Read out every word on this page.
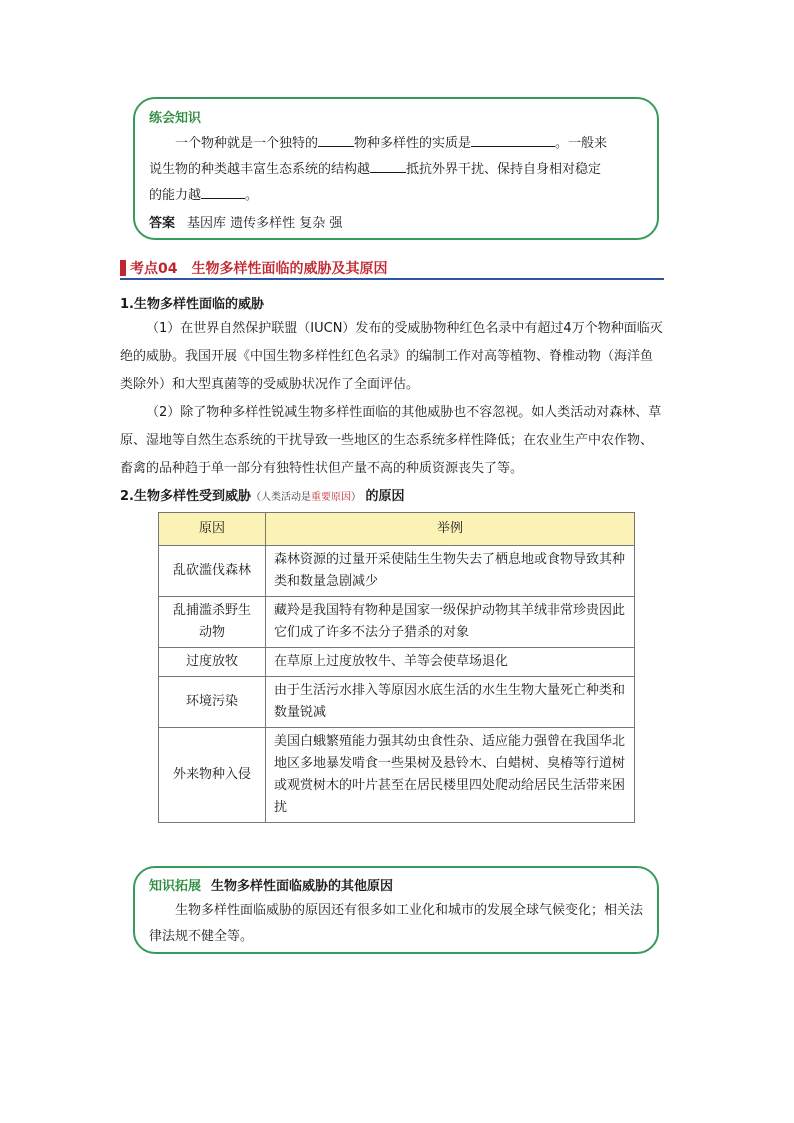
练会知识

一个物种就是一个独特的	物种多样性的实质是	。一般来

说生物的种类越丰富生态系统的结构越	抵抗外界干扰、保持自身相对稳定

的能力越	。

答案 基因库 遗传多样性 复杂 强
考点04 生物多样性面临的威胁及其原因
1.生物多样性面临的威胁

（1）在世界自然保护联盟（IUCN）发布的受威胁物种红色名录中有超过4万个物种面临灭绝的威胁。我国开展《中国生物多样性红色名录》的编制工作对高等植物、脊椎动物（海洋鱼类除外）和大型真菌等的受威胁状况作了全面评估。

（2）除了物种多样性锐减生物多样性面临的其他威胁也不容忽视。如人类活动对森林、草原、湿地等自然生态系统的干扰导致一些地区的生态系统多样性降低；在农业生产中农作物、畜禽的品种趋于单一部分有独特性状但产量不高的种质资源丧失了等。

2.生物多样性受到威胁（人类活动是重要原因） 的原因
原因	举例
乱砍滥伐森林	森林资源的过量开采使陆生生物失去了栖息地或食物导致其种类和数量急剧减少
乱捕滥杀野生动物	藏羚是我国特有物种是国家一级保护动物其羊绒非常珍贵因此它们成了许多不法分子猎杀的对象
过度放牧	在草原上过度放牧牛、羊等会使草场退化
环境污染	由于生活污水排入等原因水底生活的水生生物大量死亡种类和数量锐减
外来物种入侵	美国白蛾繁殖能力强其幼虫食性杂、适应能力强曾在我国华北地区多地暴发啃食一些果树及悬铃木、白蜡树、臭椿等行道树或观赏树木的叶片甚至在居民楼里四处爬动给居民生活带来困扰
知识拓展 生物多样性面临威胁的其他原因

生物多样性面临威胁的原因还有很多如工业化和城市的发展全球气候变化；相关法律法规不健全等。
